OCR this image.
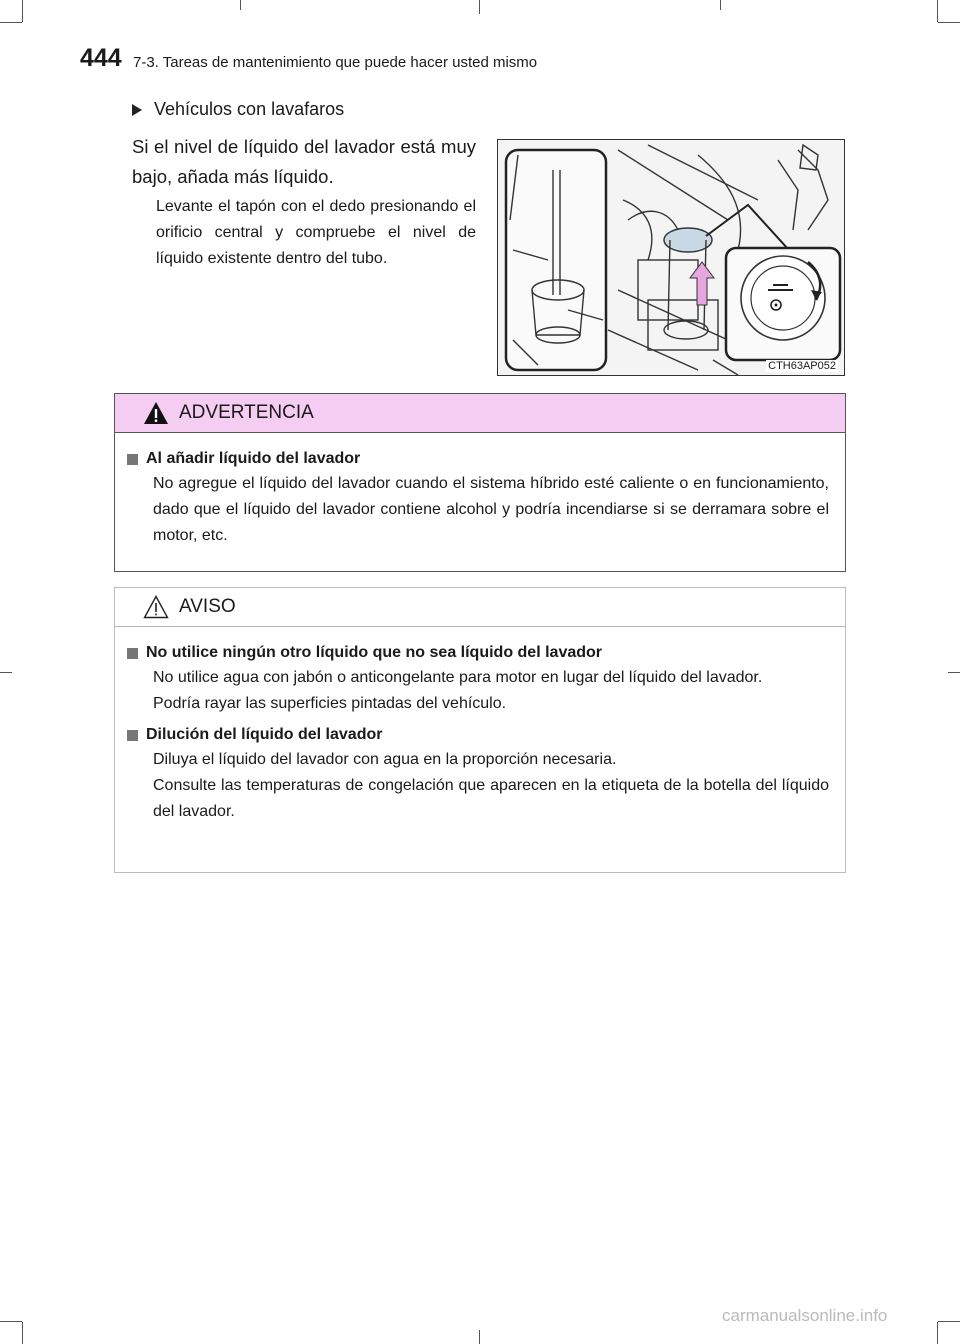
444 7-3. Tareas de mantenimiento que puede hacer usted mismo
Vehículos con lavafaros
Si el nivel de líquido del lavador está muy bajo, añada más líquido.
Levante el tapón con el dedo presionando el orificio central y compruebe el nivel de líquido existente dentro del tubo.
CTH63AP052
ADVERTENCIA
Al añadir líquido del lavador
No agregue el líquido del lavador cuando el sistema híbrido esté caliente o en funcionamiento, dado que el líquido del lavador contiene alcohol y podría incendiarse si se derramara sobre el motor, etc.
AVISO
No utilice ningún otro líquido que no sea líquido del lavador
No utilice agua con jabón o anticongelante para motor en lugar del líquido del lavador.
Podría rayar las superficies pintadas del vehículo.
Dilución del líquido del lavador
Diluya el líquido del lavador con agua en la proporción necesaria.
Consulte las temperaturas de congelación que aparecen en la etiqueta de la botella del líquido del lavador.
carmanualsonline.info
